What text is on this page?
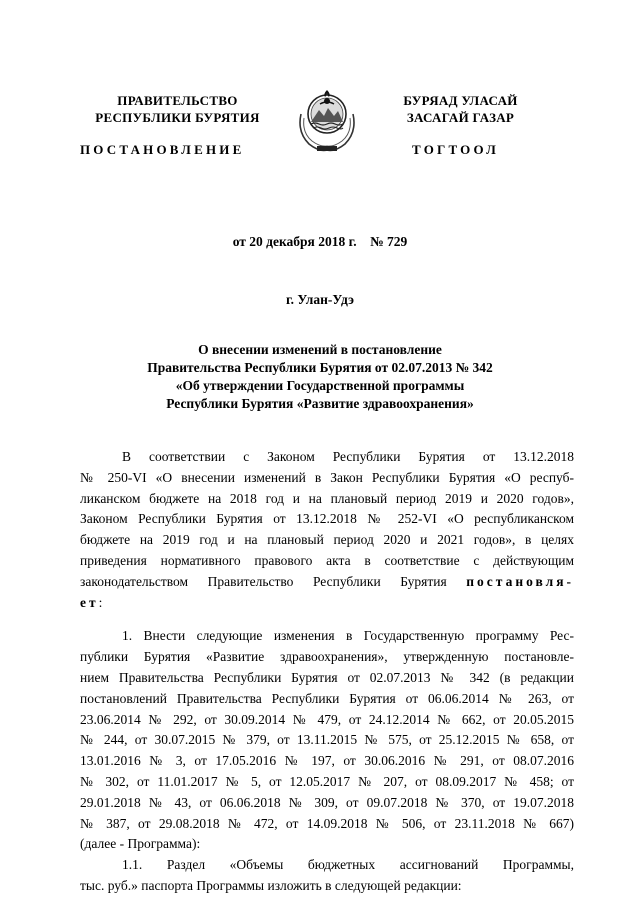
ПРАВИТЕЛЬСТВО
РЕСПУБЛИКИ БУРЯТИЯ
БУРЯАД УЛАСАЙ
ЗАСАГАЙ ГАЗАР
ПОСТАНОВЛЕНИЕ	ТОГТООЛ
от 20 декабря 2018 г.    № 729
г. Улан-Удэ
О внесении изменений в постановление
Правительства Республики Бурятия от 02.07.2013 № 342
«Об утверждении Государственной программы
Республики Бурятия «Развитие здравоохранения»
В соответствии с Законом Республики Бурятия от 13.12.2018
№ 250-VI «О внесении изменений в Закон Республики Бурятия «О респуб-
ликанском бюджете на 2018 год и на плановый период 2019 и 2020 годов»,
Законом Республики Бурятия от 13.12.2018 № 252-VI «О республиканском
бюджете на 2019 год и на плановый период 2020 и 2021 годов», в целях
приведения нормативного правового акта в соответствие с действующим
законодательством Правительство Республики Бурятия постановля-
ет:
1. Внести следующие изменения в Государственную программу Рес-
публики Бурятия «Развитие здравоохранения», утвержденную постановле-
нием Правительства Республики Бурятия от 02.07.2013 № 342 (в редакции
постановлений Правительства Республики Бурятия от 06.06.2014 № 263, от
23.06.2014 № 292, от 30.09.2014 № 479, от 24.12.2014 № 662, от 20.05.2015
№ 244, от 30.07.2015 № 379, от 13.11.2015 № 575, от 25.12.2015 № 658, от
13.01.2016 № 3, от 17.05.2016 № 197, от 30.06.2016 № 291, от 08.07.2016
№ 302, от 11.01.2017 № 5, от 12.05.2017 № 207, от 08.09.2017 № 458; от
29.01.2018 № 43, от 06.06.2018 № 309, от 09.07.2018 № 370, от 19.07.2018
№ 387, от 29.08.2018 № 472, от 14.09.2018 № 506, от 23.11.2018 № 667)
(далее - Программа):
1.1. Раздел «Объемы бюджетных ассигнований Программы,
тыс. руб.» паспорта Программы изложить в следующей редакции:
